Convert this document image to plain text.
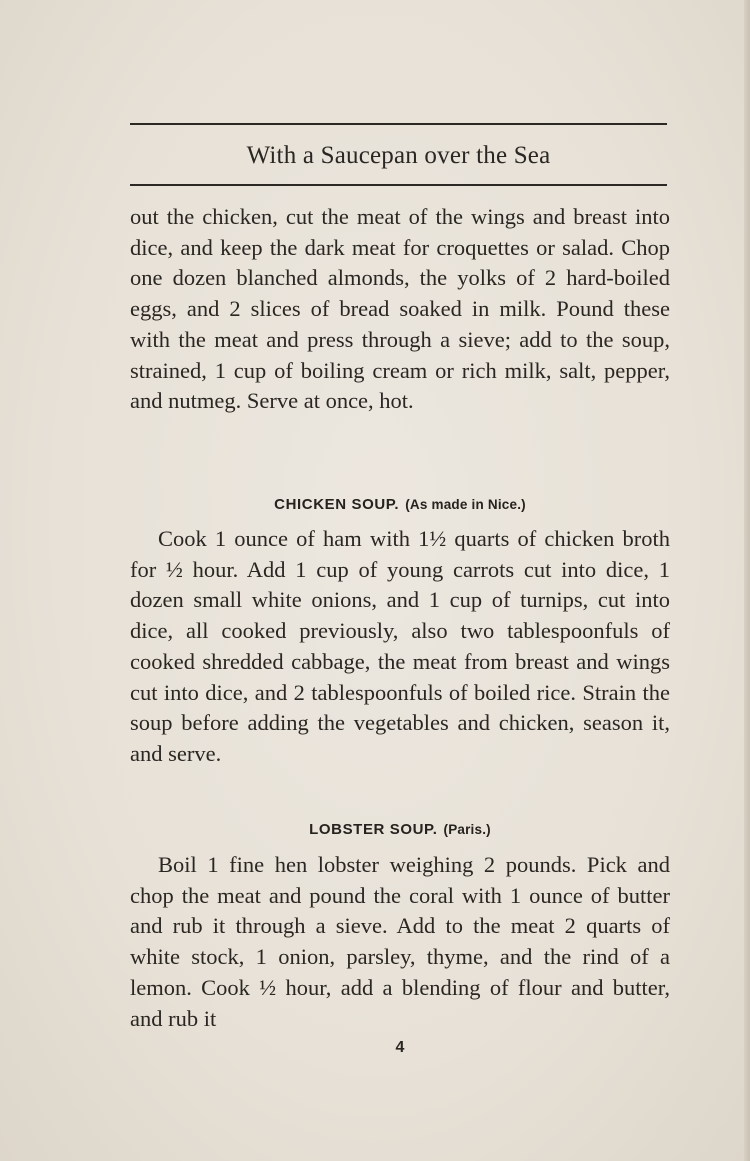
With a Saucepan over the Sea

out the chicken, cut the meat of the wings and breast into dice, and keep the dark meat for croquettes or salad. Chop one dozen blanched almonds, the yolks of 2 hard-boiled eggs, and 2 slices of bread soaked in milk. Pound these with the meat and press through a sieve; add to the soup, strained, 1 cup of boiling cream or rich milk, salt, pepper, and nutmeg. Serve at once, hot.

CHICKEN SOUP. (As made in Nice.)

Cook 1 ounce of ham with 1½ quarts of chicken broth for ½ hour. Add 1 cup of young carrots cut into dice, 1 dozen small white onions, and 1 cup of turnips, cut into dice, all cooked previously, also two tablespoonfuls of cooked shredded cabbage, the meat from breast and wings cut into dice, and 2 tablespoonfuls of boiled rice. Strain the soup before adding the vegetables and chicken, season it, and serve.

LOBSTER SOUP. (Paris.)

Boil 1 fine hen lobster weighing 2 pounds. Pick and chop the meat and pound the coral with 1 ounce of butter and rub it through a sieve. Add to the meat 2 quarts of white stock, 1 onion, parsley, thyme, and the rind of a lemon. Cook ½ hour, add a blending of flour and butter, and rub it

4
